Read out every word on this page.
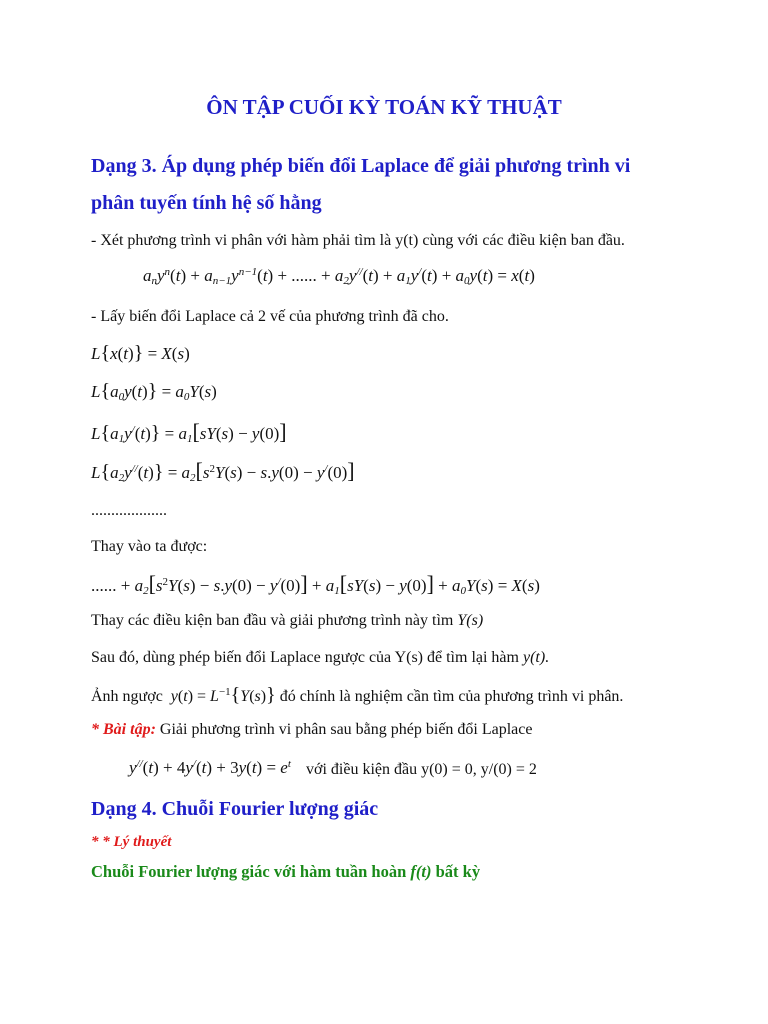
ÔN TẬP CUỐI KỲ TOÁN KỸ THUẬT
Dạng 3. Áp dụng phép biến đổi Laplace để giải phương trình vi
phân tuyến tính hệ số hằng
- Xét phương trình vi phân với hàm phải tìm là y(t) cùng với các điều kiện ban đầu.
$a_ny^n(t) + a_{n-1}y^{n-1}(t)$ + ...... + $a_2y^{//}(t) + a_1y^/(t) + a_0y(t) = x(t)$
- Lấy biến đổi Laplace cả 2 vế của phương trình đã cho.
L{x(t)} = X(s)
$L\{a_0y(t)\} = a_0Y(s)$
$L\{a_1y^/(t)\} = a_1[sY(s) - y(0)]$
$L\{a_2y^{//}(t)\} = a_2[s^2Y(s) - s.y(0) - y^/(0)]$
...................
Thay vào ta được:
...... + $a_2[s^2Y(s) - s.y(0) - y^/(0)] + a_1[sY(s) - y(0)] + a_0Y(s) = X(s)$
Thay các điều kiện ban đầu và giải phương trình này tìm Y(s)
Sau đó, dùng phép biến đổi Laplace ngược của Y(s) để tìm lại hàm y(t).
Ảnh ngược  $y(t) = L^{-1}\{Y(s)\}$ đó chính là nghiệm cần tìm của phương trình vi phân.
* Bài tập: Giải phương trình vi phân sau bằng phép biến đổi Laplace
$y^{//}(t) + 4y^/(t) + 3y(t) = e^t$ với điều kiện đầu y(0) = 0, y/(0) = 2
Dạng 4. Chuỗi Fourier lượng giác
* * Lý thuyết
Chuỗi Fourier lượng giác với hàm tuần hoàn f(t) bất kỳ
